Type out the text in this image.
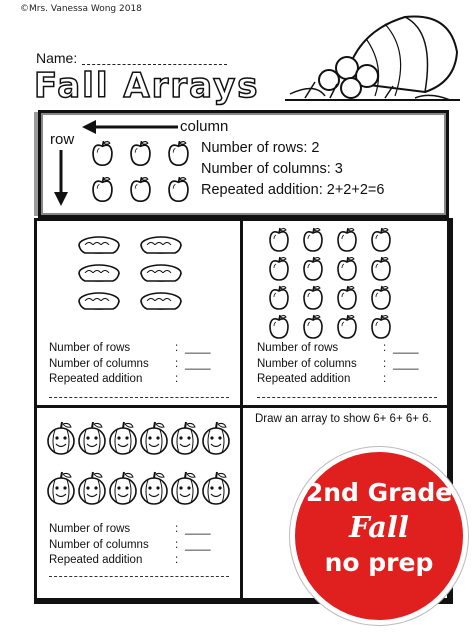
©Mrs. Vanessa Wong 2018
Name:
Fall Arrays
row
column
Number of rows: 2
Number of columns: 3
Repeated addition: 2+2+2=6
Number of rows	: ____
Number of columns : ____
Repeated addition	:
Number of rows	: ____
Number of columns : ____
Repeated addition	:
Number of rows	: ____
Number of columns : ____
Repeated addition	:
Draw an array to show 6+ 6+ 6+ 6.
2nd Grade
Fall
no prep
